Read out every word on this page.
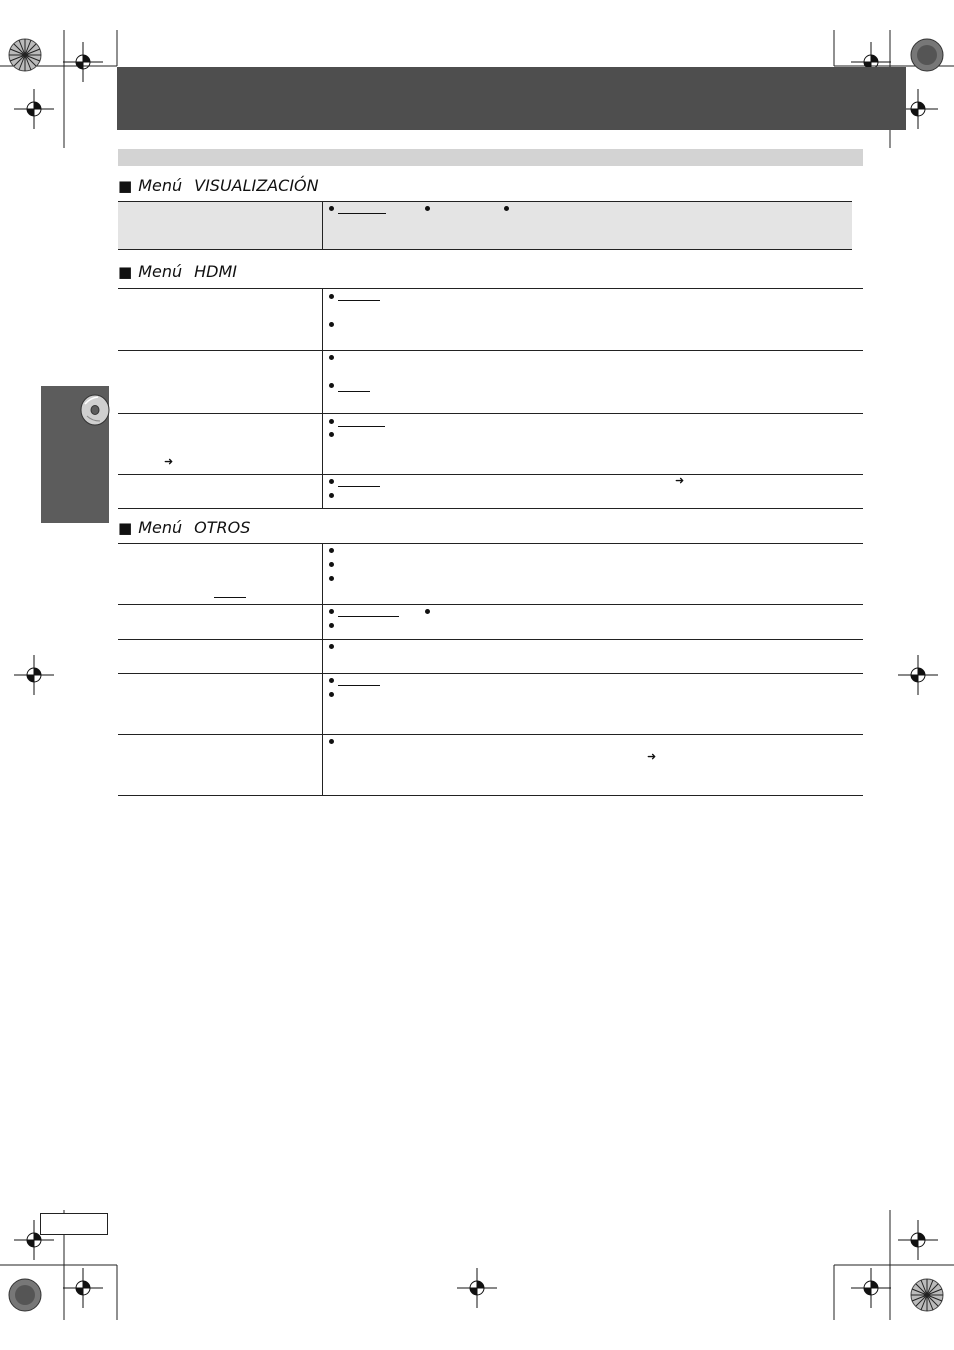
■ Menú VISUALIZACIÓN
■ Menú HDMI
➜
➜
■ Menú OTROS
➜
